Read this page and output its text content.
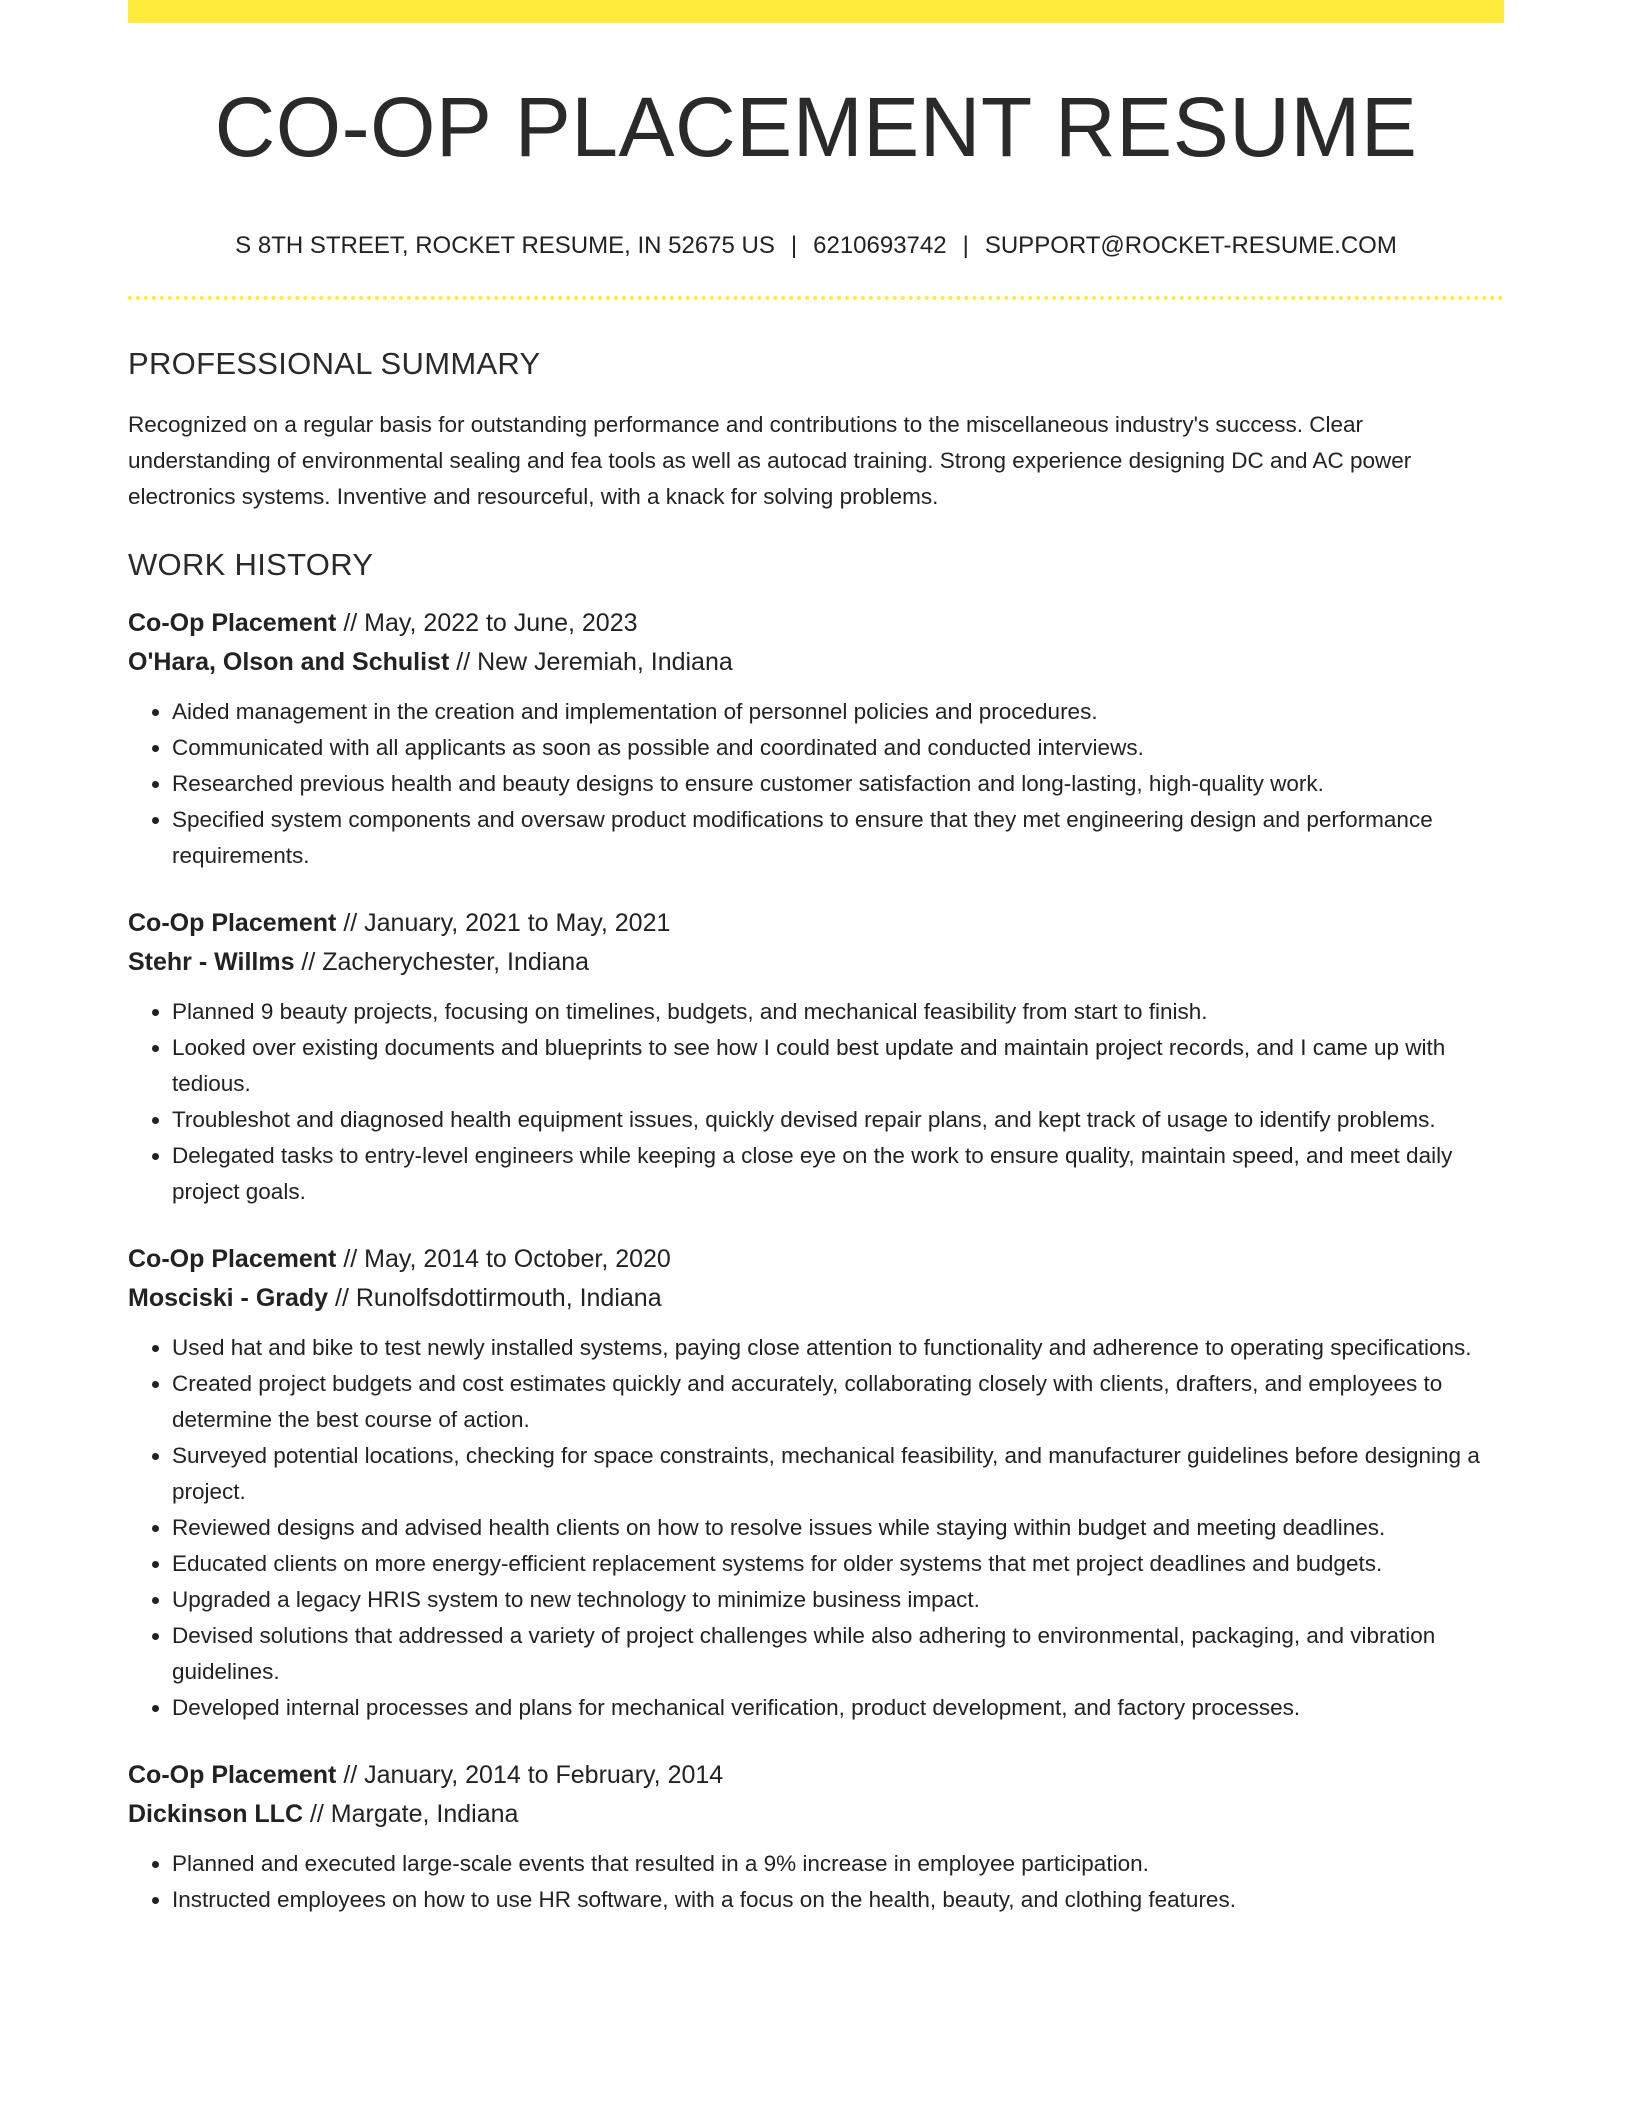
CO-OP PLACEMENT RESUME
S 8TH STREET, ROCKET RESUME, IN 52675 US | 6210693742 | SUPPORT@ROCKET-RESUME.COM
PROFESSIONAL SUMMARY

Recognized on a regular basis for outstanding performance and contributions to the miscellaneous industry's success. Clear understanding of environmental sealing and fea tools as well as autocad training. Strong experience designing DC and AC power electronics systems. Inventive and resourceful, with a knack for solving problems.

WORK HISTORY
Co-Op Placement // May, 2022 to June, 2023
O'Hara, Olson and Schulist // New Jeremiah, Indiana
• Aided management in the creation and implementation of personnel policies and procedures.
• Communicated with all applicants as soon as possible and coordinated and conducted interviews.
• Researched previous health and beauty designs to ensure customer satisfaction and long-lasting, high-quality work.
• Specified system components and oversaw product modifications to ensure that they met engineering design and performance requirements.
Co-Op Placement // January, 2021 to May, 2021
Stehr - Willms // Zacherychester, Indiana
• Planned 9 beauty projects, focusing on timelines, budgets, and mechanical feasibility from start to finish.
• Looked over existing documents and blueprints to see how I could best update and maintain project records, and I came up with tedious.
• Troubleshot and diagnosed health equipment issues, quickly devised repair plans, and kept track of usage to identify problems.
• Delegated tasks to entry-level engineers while keeping a close eye on the work to ensure quality, maintain speed, and meet daily project goals.
Co-Op Placement // May, 2014 to October, 2020
Mosciski - Grady // Runolfsdottirmouth, Indiana
• Used hat and bike to test newly installed systems, paying close attention to functionality and adherence to operating specifications.
• Created project budgets and cost estimates quickly and accurately, collaborating closely with clients, drafters, and employees to determine the best course of action.
• Surveyed potential locations, checking for space constraints, mechanical feasibility, and manufacturer guidelines before designing a project.
• Reviewed designs and advised health clients on how to resolve issues while staying within budget and meeting deadlines.
• Educated clients on more energy-efficient replacement systems for older systems that met project deadlines and budgets.
• Upgraded a legacy HRIS system to new technology to minimize business impact.
• Devised solutions that addressed a variety of project challenges while also adhering to environmental, packaging, and vibration guidelines.
• Developed internal processes and plans for mechanical verification, product development, and factory processes.
Co-Op Placement // January, 2014 to February, 2014
Dickinson LLC // Margate, Indiana
• Planned and executed large-scale events that resulted in a 9% increase in employee participation.
• Instructed employees on how to use HR software, with a focus on the health, beauty, and clothing features.
